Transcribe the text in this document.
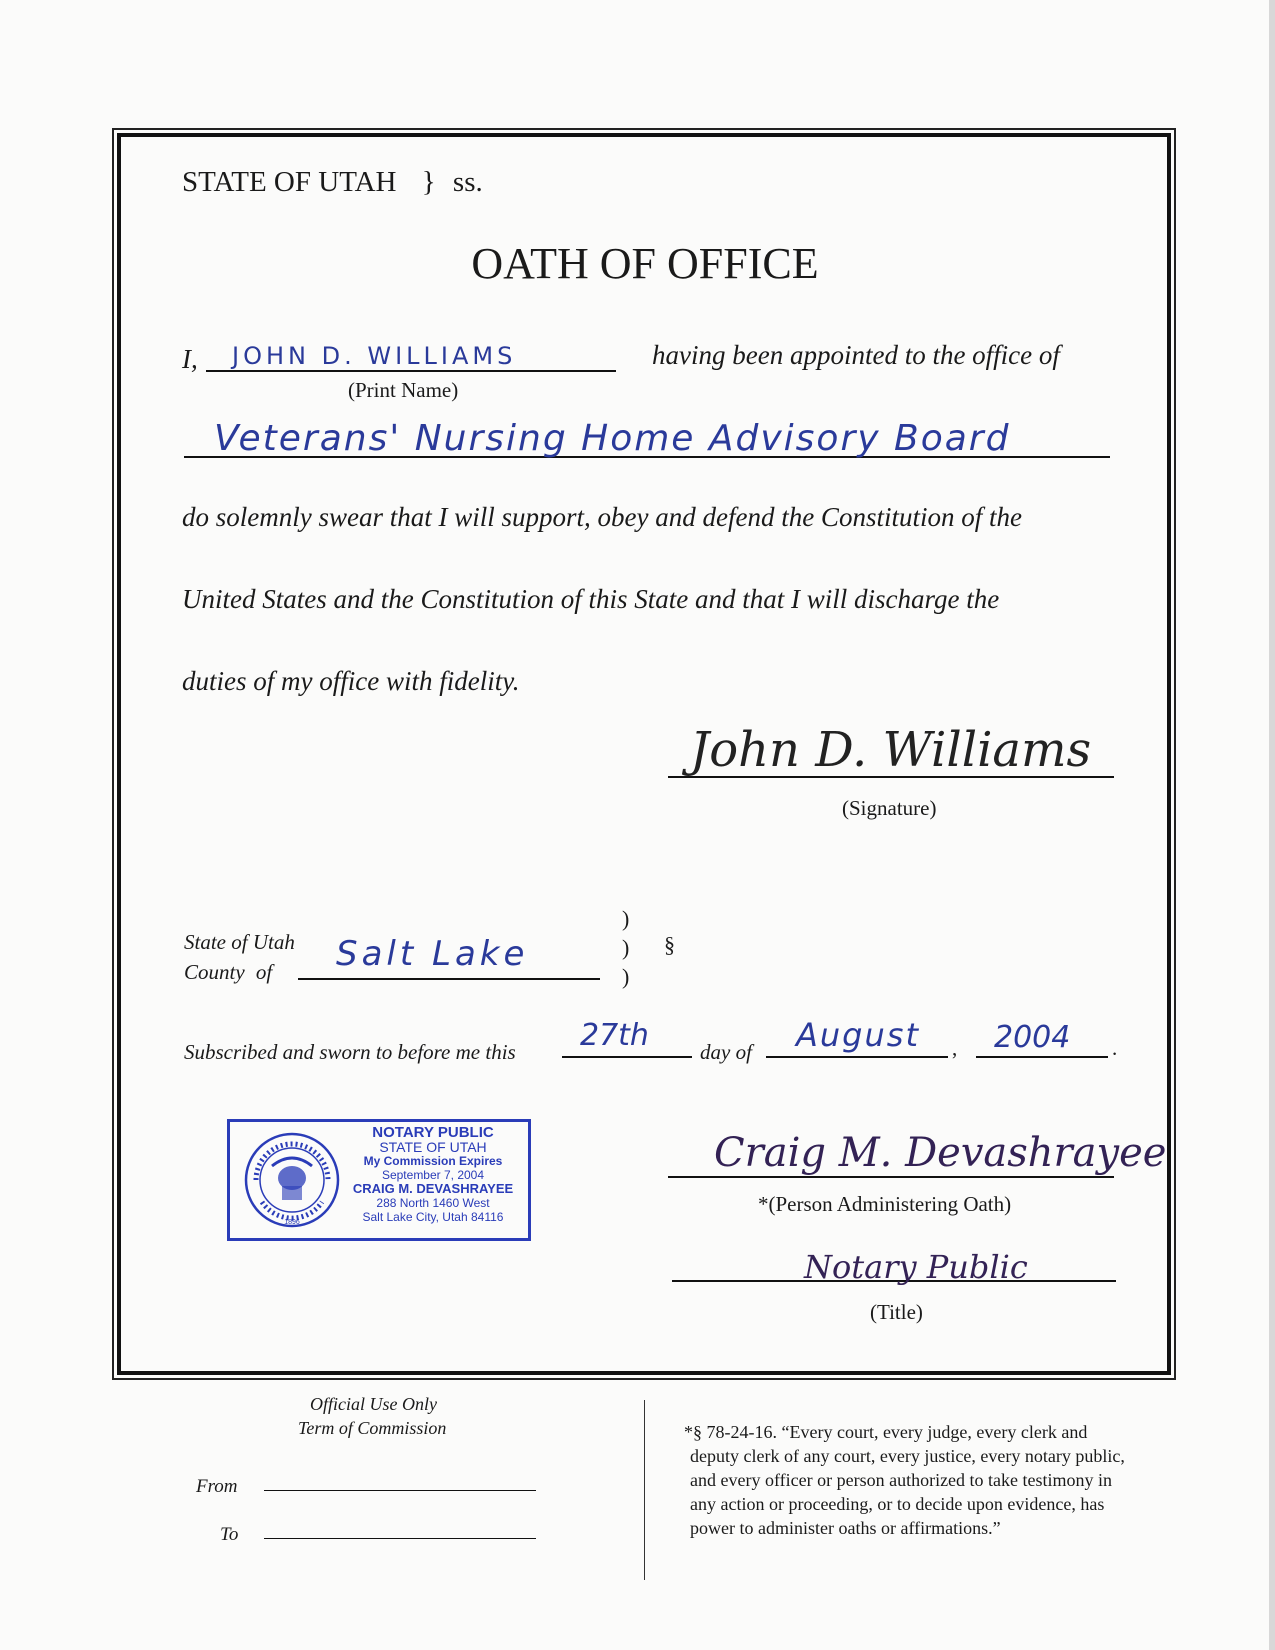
STATE OF UTAH } ss.
OATH OF OFFICE
I, JOHN D. WILLIAMS
(Print Name)
having been appointed to the office of
Veterans' Nursing Home Advisory Board
do solemnly swear that I will support, obey and defend the Constitution of the
United States and the Constitution of this State and that I will discharge the
duties of my office with fidelity.
John D. Williams
(Signature)
State of Utah
County of Salt Lake
)
)
)
§
Subscribed and sworn to before me this 27th day of August , 2004 .
1896
NOTARY PUBLIC
STATE OF UTAH
My Commission Expires
September 7, 2004
CRAIG M. DEVASHRAYEE
288 North 1460 West
Salt Lake City, Utah 84116
Craig M. Devashrayee
*(Person Administering Oath)
Notary Public
(Title)
Official Use Only
Term of Commission
From
To
*§ 78-24-16. “Every court, every judge, every clerk and
deputy clerk of any court, every justice, every notary public,
and every officer or person authorized to take testimony in
any action or proceeding, or to decide upon evidence, has
power to administer oaths or affirmations.”
